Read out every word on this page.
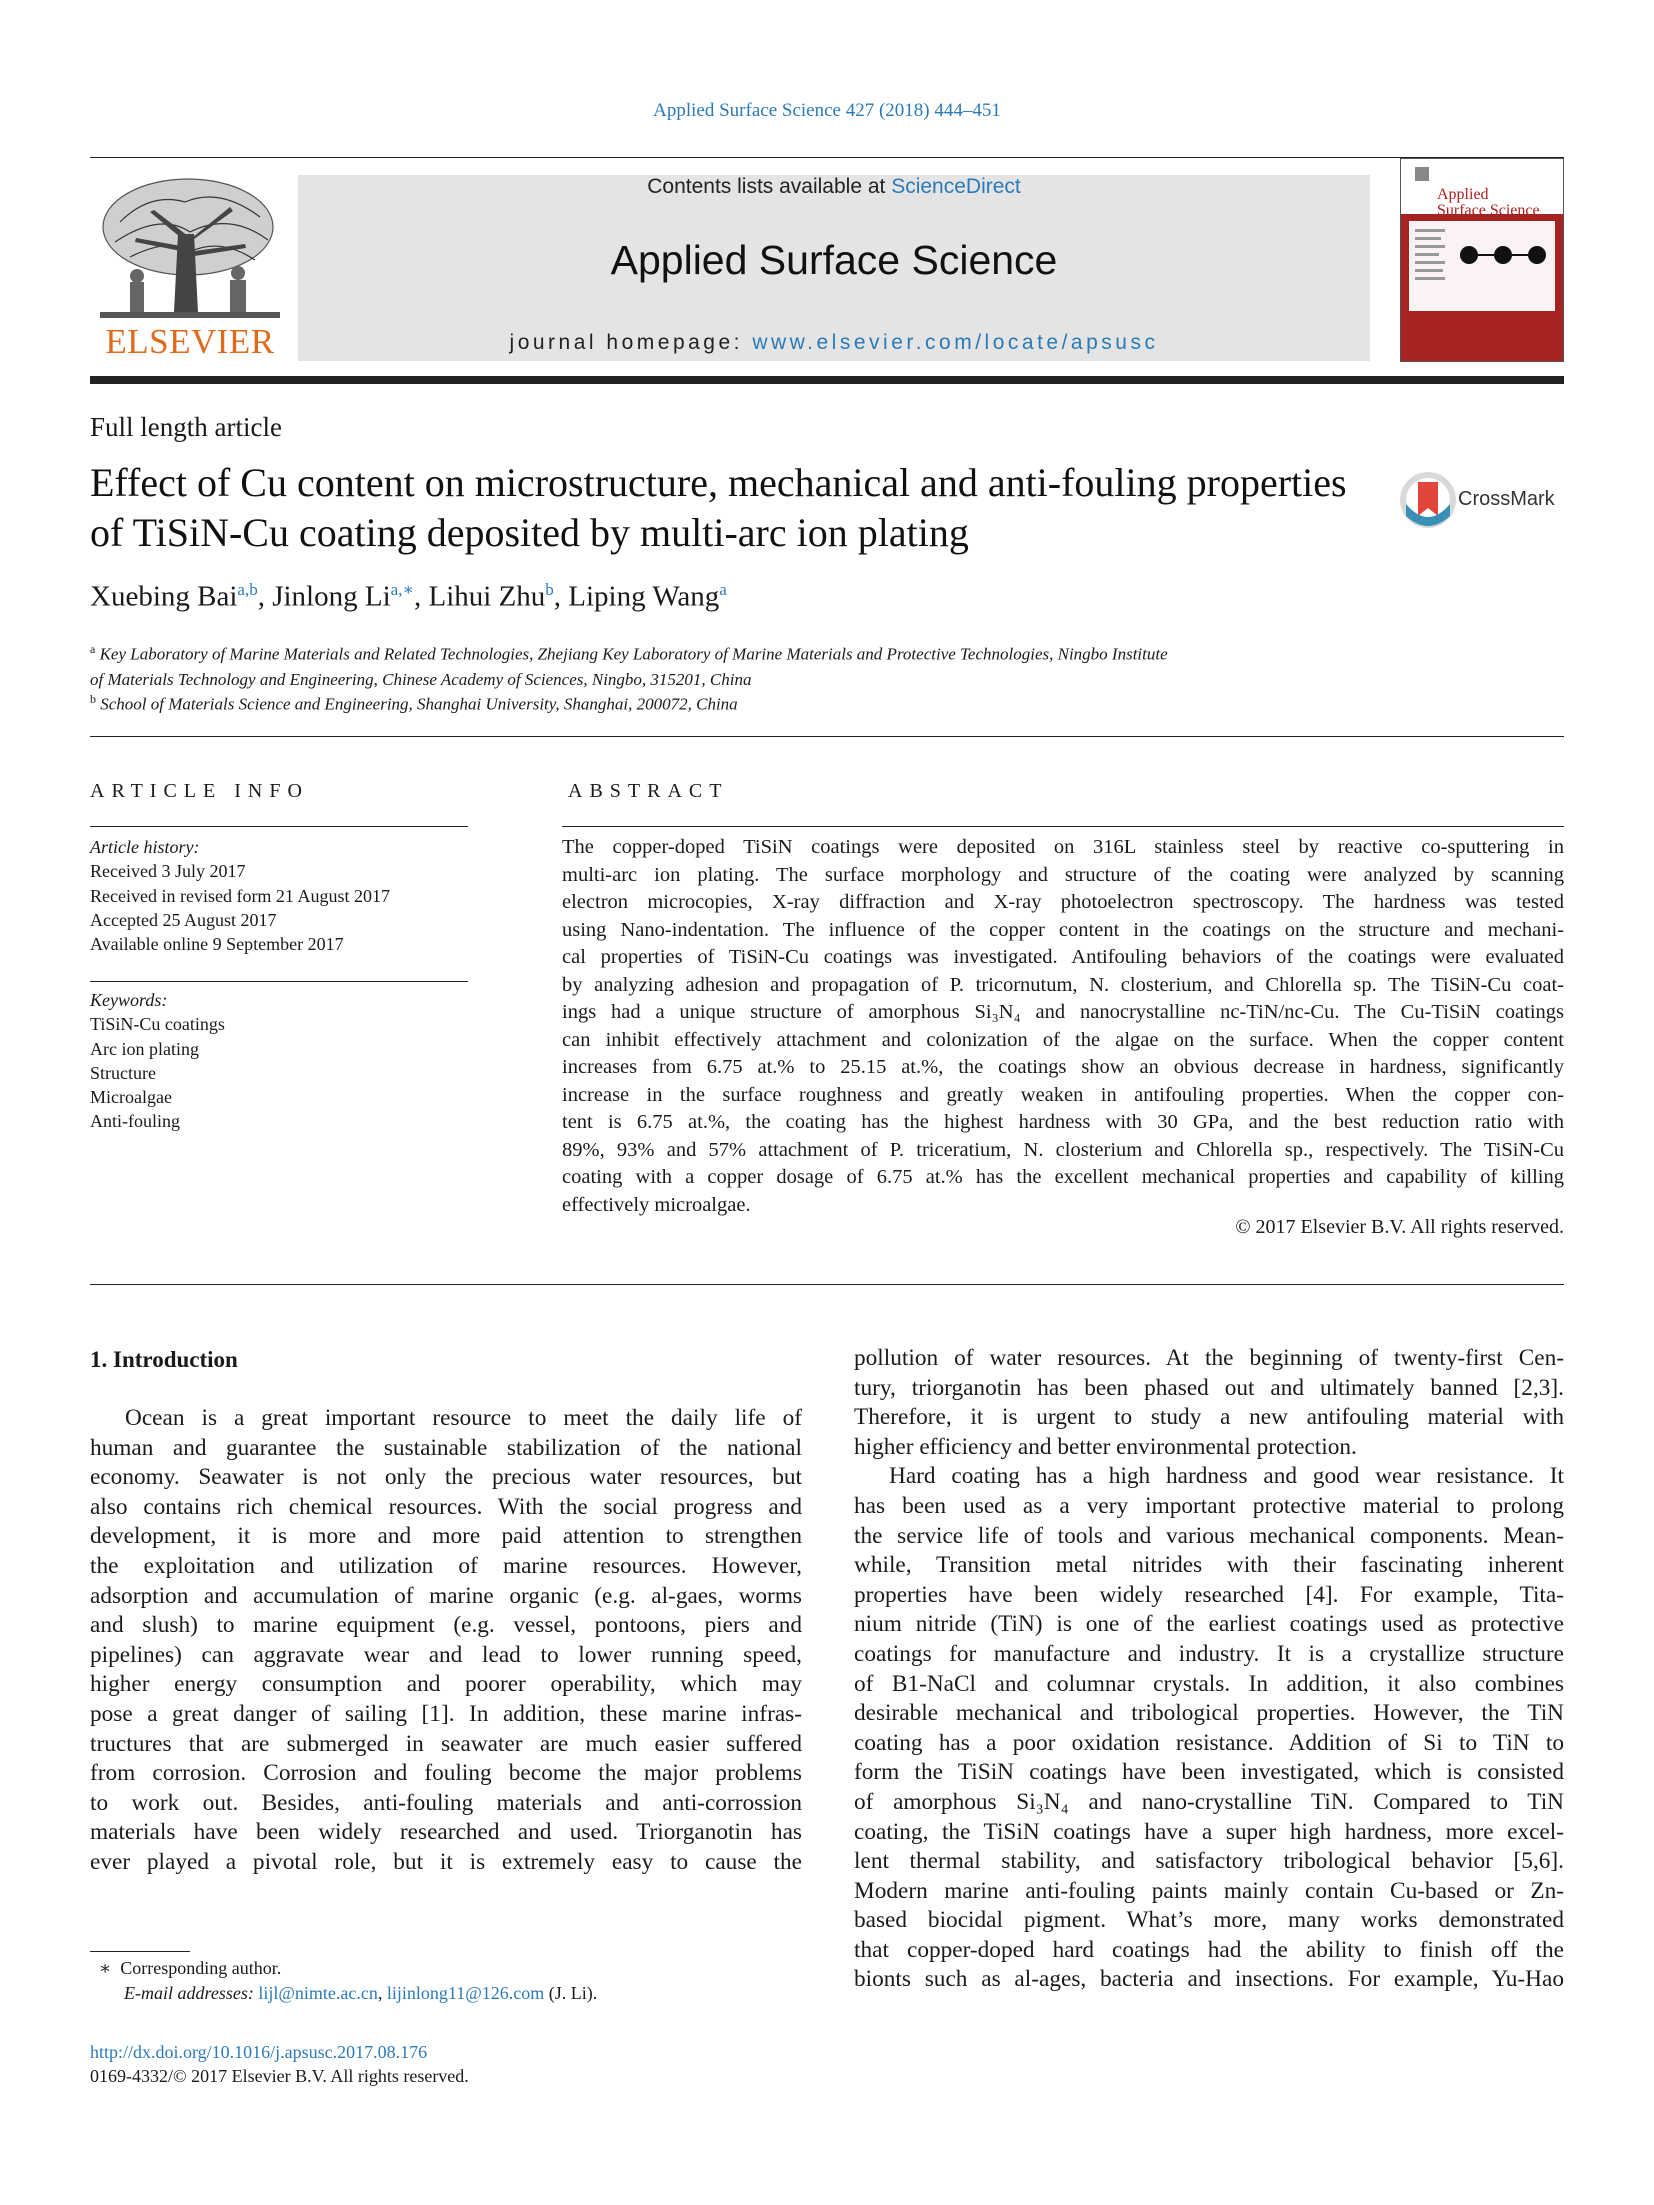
Applied Surface Science 427 (2018) 444–451
ELSEVIER
Contents lists available at ScienceDirect
Applied Surface Science
journal homepage: www.elsevier.com/locate/apsusc
Applied
Surface Science
Full length article
Effect of Cu content on microstructure, mechanical and anti-fouling properties of TiSiN-Cu coating deposited by multi-arc ion plating
CrossMark
Xuebing Bai$^{a,b}$, Jinlong $Li^{a,∗}$, Lihui Zhu$^b$, Liping Wang$^a$
$^a$ Key Laboratory of Marine Materials and Related Technologies, Zhejiang Key Laboratory of Marine Materials and Protective Technologies, Ningbo Institute
of Materials Technology and Engineering, Chinese Academy of Sciences, Ningbo, 315201, China
$^b$ School of Materials Science and Engineering, Shanghai University, Shanghai, 200072, China
ARTICLE INFO
Article history:
Received 3 July 2017
Received in revised form 21 August 2017
Accepted 25 August 2017
Available online 9 September 2017
Keywords:
TiSiN-Cu coatings
Arc ion plating
Structure
Microalgae
Anti-fouling
ABSTRACT
The copper-doped TiSiN coatings were deposited on 316L stainless steel by reactive co-sputtering in
multi-arc ion plating. The surface morphology and structure of the coating were analyzed by scanning
electron microcopies, X-ray diffraction and X-ray photoelectron spectroscopy. The hardness was tested
using Nano-indentation. The influence of the copper content in the coatings on the structure and mechani-
cal properties of TiSiN-Cu coatings was investigated. Antifouling behaviors of the coatings were evaluated
by analyzing adhesion and propagation of P. tricornutum, N. closterium, and Chlorella sp. The TiSiN-Cu coat-
ings had a unique structure of amorphous Si₃N₄ and nanocrystalline nc-TiN/nc-Cu. The Cu-TiSiN coatings
can inhibit effectively attachment and colonization of the algae on the surface. When the copper content
increases from 6.75 at.% to 25.15 at.%, the coatings show an obvious decrease in hardness, significantly
increase in the surface roughness and greatly weaken in antifouling properties. When the copper con-
tent is 6.75 at.%, the coating has the highest hardness with 30 GPa, and the best reduction ratio with
89%, 93% and 57% attachment of P. triceratium, N. closterium and Chlorella sp., respectively. The TiSiN-Cu
coating with a copper dosage of 6.75 at.% has the excellent mechanical properties and capability of killing
effectively microalgae.
© 2017 Elsevier B.V. All rights reserved.
1. Introduction

Ocean is a great important resource to meet the daily life of

human and guarantee the sustainable stabilization of the national

economy. Seawater is not only the precious water resources, but

also contains rich chemical resources. With the social progress and

development, it is more and more paid attention to strengthen

the exploitation and utilization of marine resources. However,

adsorption and accumulation of marine organic (e.g. al-gaes, worms

and slush) to marine equipment (e.g. vessel, pontoons, piers and

pipelines) can aggravate wear and lead to lower running speed,

higher energy consumption and poorer operability, which may

pose a great danger of sailing [1]. In addition, these marine infras-

tructures that are submerged in seawater are much easier suffered

from corrosion. Corrosion and fouling become the major problems

to work out. Besides, anti-fouling materials and anti-corrossion

materials have been widely researched and used. Triorganotin has

ever played a pivotal role, but it is extremely easy to cause the

pollution of water resources. At the beginning of twenty-first Cen-

tury, triorganotin has been phased out and ultimately banned [2,3].

Therefore, it is urgent to study a new antifouling material with

higher efficiency and better environmental protection.

Hard coating has a high hardness and good wear resistance. It

has been used as a very important protective material to prolong

the service life of tools and various mechanical components. Mean-

while, Transition metal nitrides with their fascinating inherent

properties have been widely researched [4]. For example, Tita-

nium nitride (TiN) is one of the earliest coatings used as protective

coatings for manufacture and industry. It is a crystallize structure

of B1-NaCl and columnar crystals. In addition, it also combines

desirable mechanical and tribological properties. However, the TiN

coating has a poor oxidation resistance. Addition of Si to TiN to

form the TiSiN coatings have been investigated, which is consisted

of amorphous Si₃N₄ and nano-crystalline TiN. Compared to TiN

coating, the TiSiN coatings have a super high hardness, more excel-

lent thermal stability, and satisfactory tribological behavior [5,6].

Modern marine anti-fouling paints mainly contain Cu-based or Zn-

based biocidal pigment. What’s more, many works demonstrated

that copper-doped hard coatings had the ability to finish off the

bionts such as al-ages, bacteria and insections. For example, Yu-Hao

∗ Corresponding author.
E-mail addresses: lijl@nimte.ac.cn, lijinlong11@126.com (J. Li).
http://dx.doi.org/10.1016/j.apsusc.2017.08.176
0169-4332/© 2017 Elsevier B.V. All rights reserved.
